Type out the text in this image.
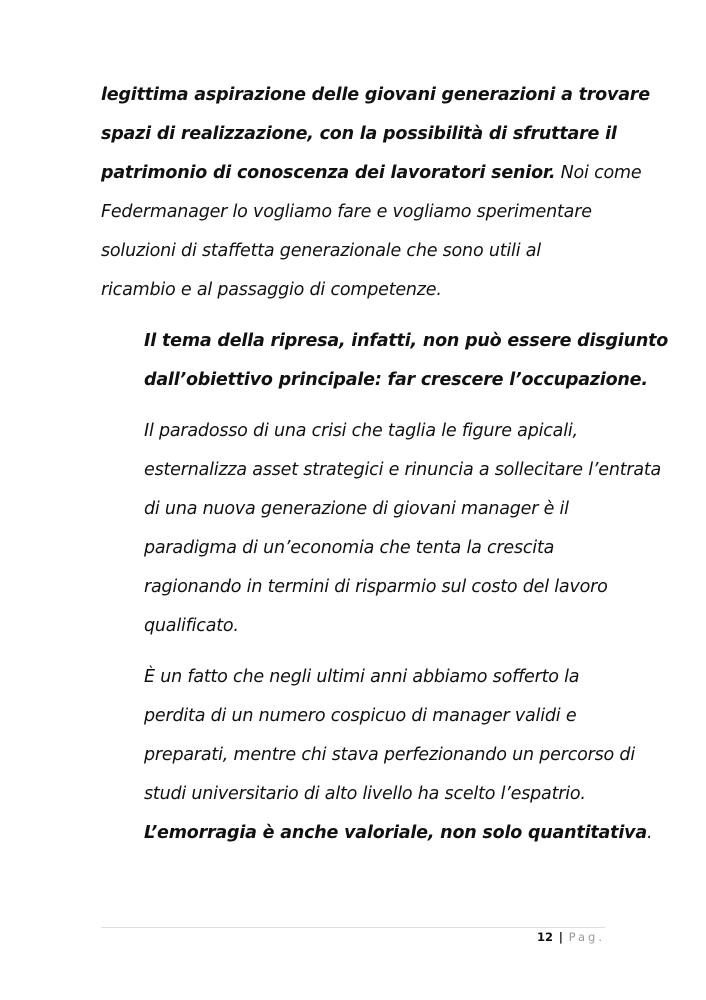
legittima aspirazione delle giovani generazioni a trovare
spazi di realizzazione, con la possibilità di sfruttare il
patrimonio di conoscenza dei lavoratori senior. Noi come
Federmanager lo vogliamo fare e vogliamo sperimentare
soluzioni di staffetta generazionale che sono utili al
ricambio e al passaggio di competenze.

Il tema della ripresa, infatti, non può essere disgiunto
dall’obiettivo principale: far crescere l’occupazione.

Il paradosso di una crisi che taglia le figure apicali,
esternalizza asset strategici e rinuncia a sollecitare l’entrata
di una nuova generazione di giovani manager è il
paradigma di un’economia che tenta la crescita
ragionando in termini di risparmio sul costo del lavoro
qualificato.

È un fatto che negli ultimi anni abbiamo sofferto la
perdita di un numero cospicuo di manager validi e
preparati, mentre chi stava perfezionando un percorso di
studi universitario di alto livello ha scelto l’espatrio.
L’emorragia è anche valoriale, non solo quantitativa.

12 | Pag.
